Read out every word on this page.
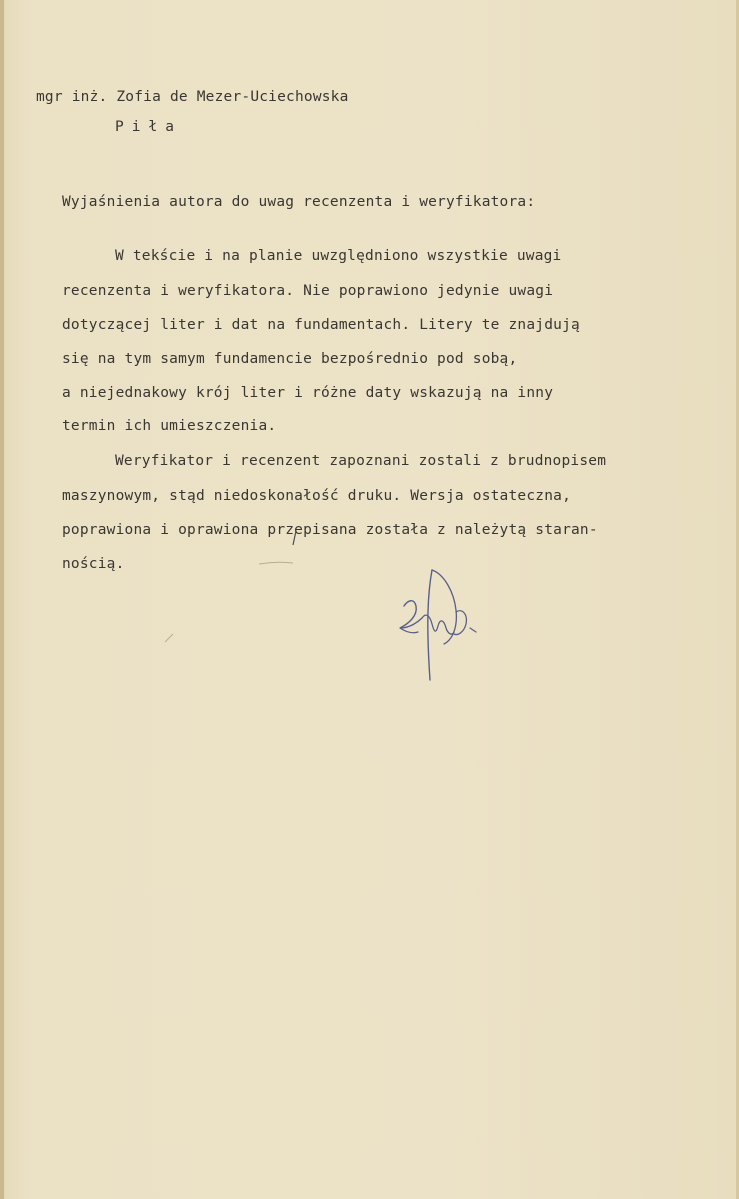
mgr inż. Zofia de Mezer-Uciechowska
Piła
Wyjaśnienia autora do uwag recenzenta i weryfikatora:
W tekście i na planie uwzględniono wszystkie uwagi
recenzenta i weryfikatora. Nie poprawiono jedynie uwagi
dotyczącej liter i dat na fundamentach. Litery te znajdują
się na tym samym fundamencie bezpośrednio pod sobą,
a niejednakowy krój liter i różne daty wskazują na inny
termin ich umieszczenia.
Weryfikator i recenzent zapoznani zostali z brudnopisem
maszynowym, stąd niedoskonałość druku. Wersja ostateczna,
poprawiona i oprawiona przepisana została z należytą staran-
nością.
